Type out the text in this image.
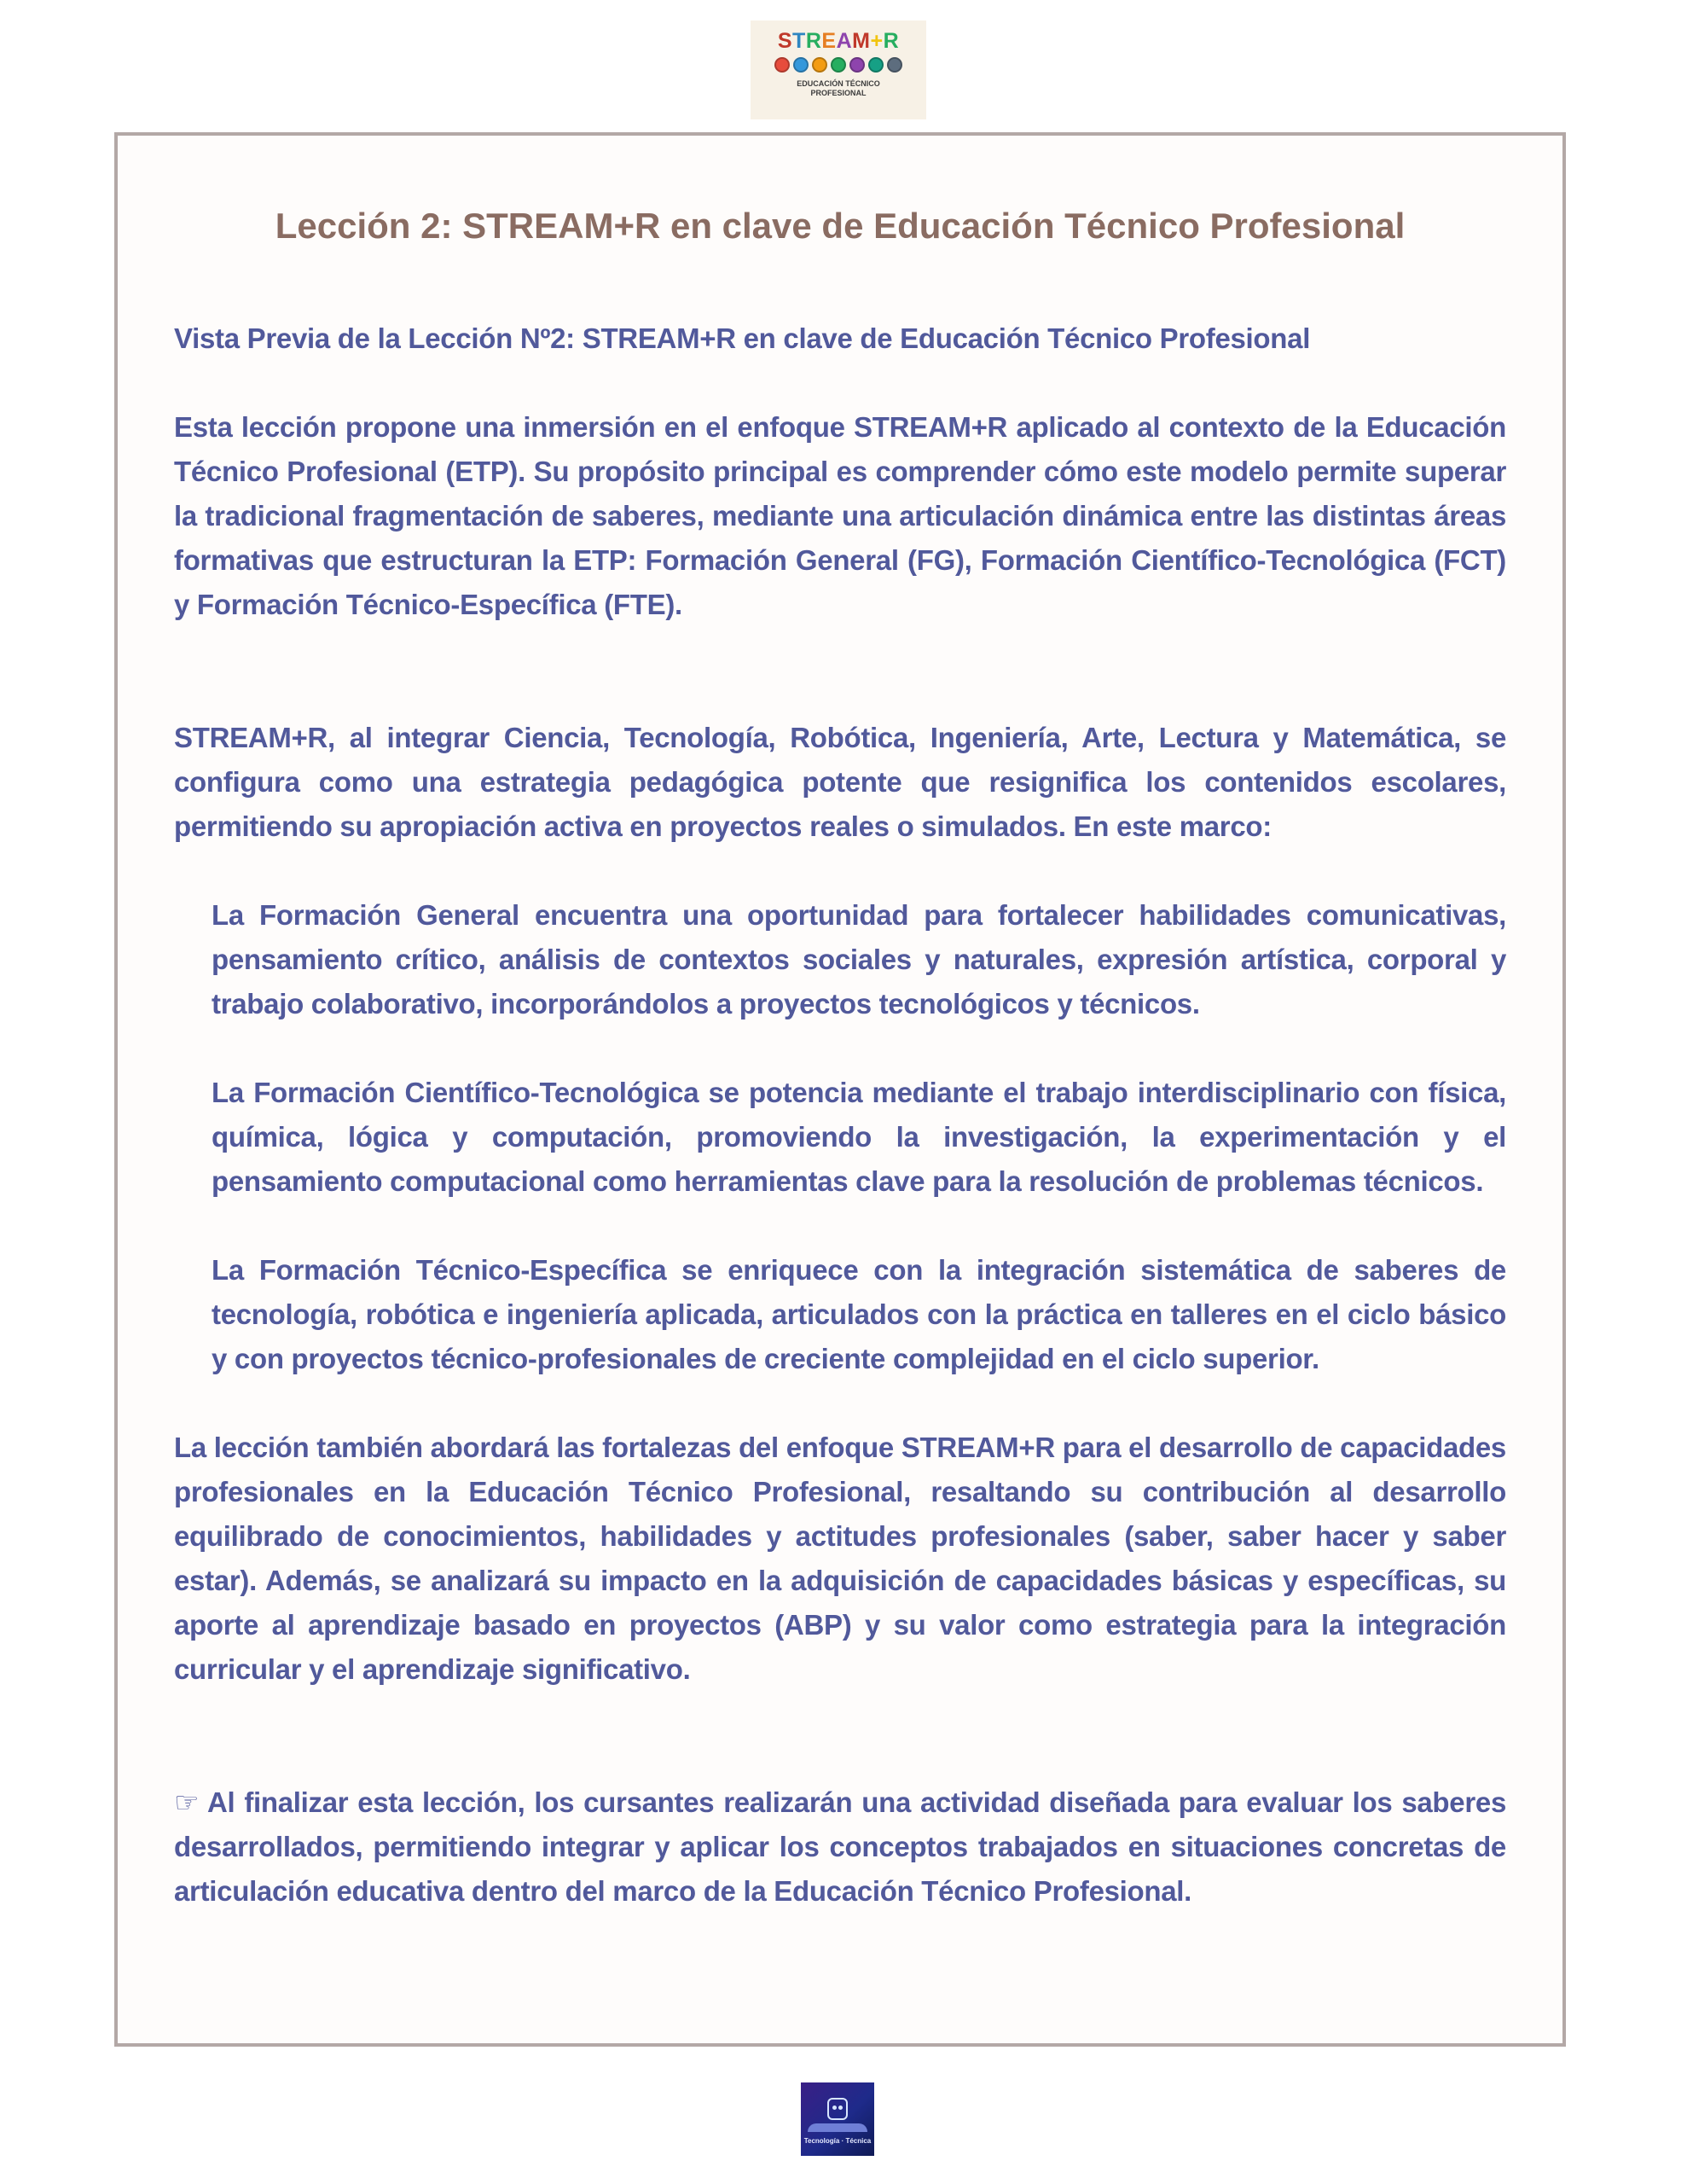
STREAM+R
EDUCACIÓN TÉCNICO
PROFESIONAL
Lección 2: STREAM+R en clave de Educación Técnico Profesional

Vista Previa de la Lección Nº2: STREAM+R en clave de Educación Técnico Profesional

Esta lección propone una inmersión en el enfoque STREAM+R aplicado al contexto de la Educación Técnico Profesional (ETP). Su propósito principal es comprender cómo este modelo permite superar la tradicional fragmentación de saberes, mediante una articulación dinámica entre las distintas áreas formativas que estructuran la ETP: Formación General (FG), Formación Científico-Tecnológica (FCT) y Formación Técnico-Específica (FTE).

STREAM+R, al integrar Ciencia, Tecnología, Robótica, Ingeniería, Arte, Lectura y Matemática, se configura como una estrategia pedagógica potente que resignifica los contenidos escolares, permitiendo su apropiación activa en proyectos reales o simulados. En este marco:

La Formación General encuentra una oportunidad para fortalecer habilidades comunicativas, pensamiento crítico, análisis de contextos sociales y naturales, expresión artística, corporal y trabajo colaborativo, incorporándolos a proyectos tecnológicos y técnicos.

La Formación Científico-Tecnológica se potencia mediante el trabajo interdisciplinario con física, química, lógica y computación, promoviendo la investigación, la experimentación y el pensamiento computacional como herramientas clave para la resolución de problemas técnicos.

La Formación Técnico-Específica se enriquece con la integración sistemática de saberes de tecnología, robótica e ingeniería aplicada, articulados con la práctica en talleres en el ciclo básico y con proyectos técnico-profesionales de creciente complejidad en el ciclo superior.

La lección también abordará las fortalezas del enfoque STREAM+R para el desarrollo de capacidades profesionales en la Educación Técnico Profesional, resaltando su contribución al desarrollo equilibrado de conocimientos, habilidades y actitudes profesionales (saber, saber hacer y saber estar). Además, se analizará su impacto en la adquisición de capacidades básicas y específicas, su aporte al aprendizaje basado en proyectos (ABP) y su valor como estrategia para la integración curricular y el aprendizaje significativo.

☞ Al finalizar esta lección, los cursantes realizarán una actividad diseñada para evaluar los saberes desarrollados, permitiendo integrar y aplicar los conceptos trabajados en situaciones concretas de articulación educativa dentro del marco de la Educación Técnico Profesional.

Tecnología · Técnica
